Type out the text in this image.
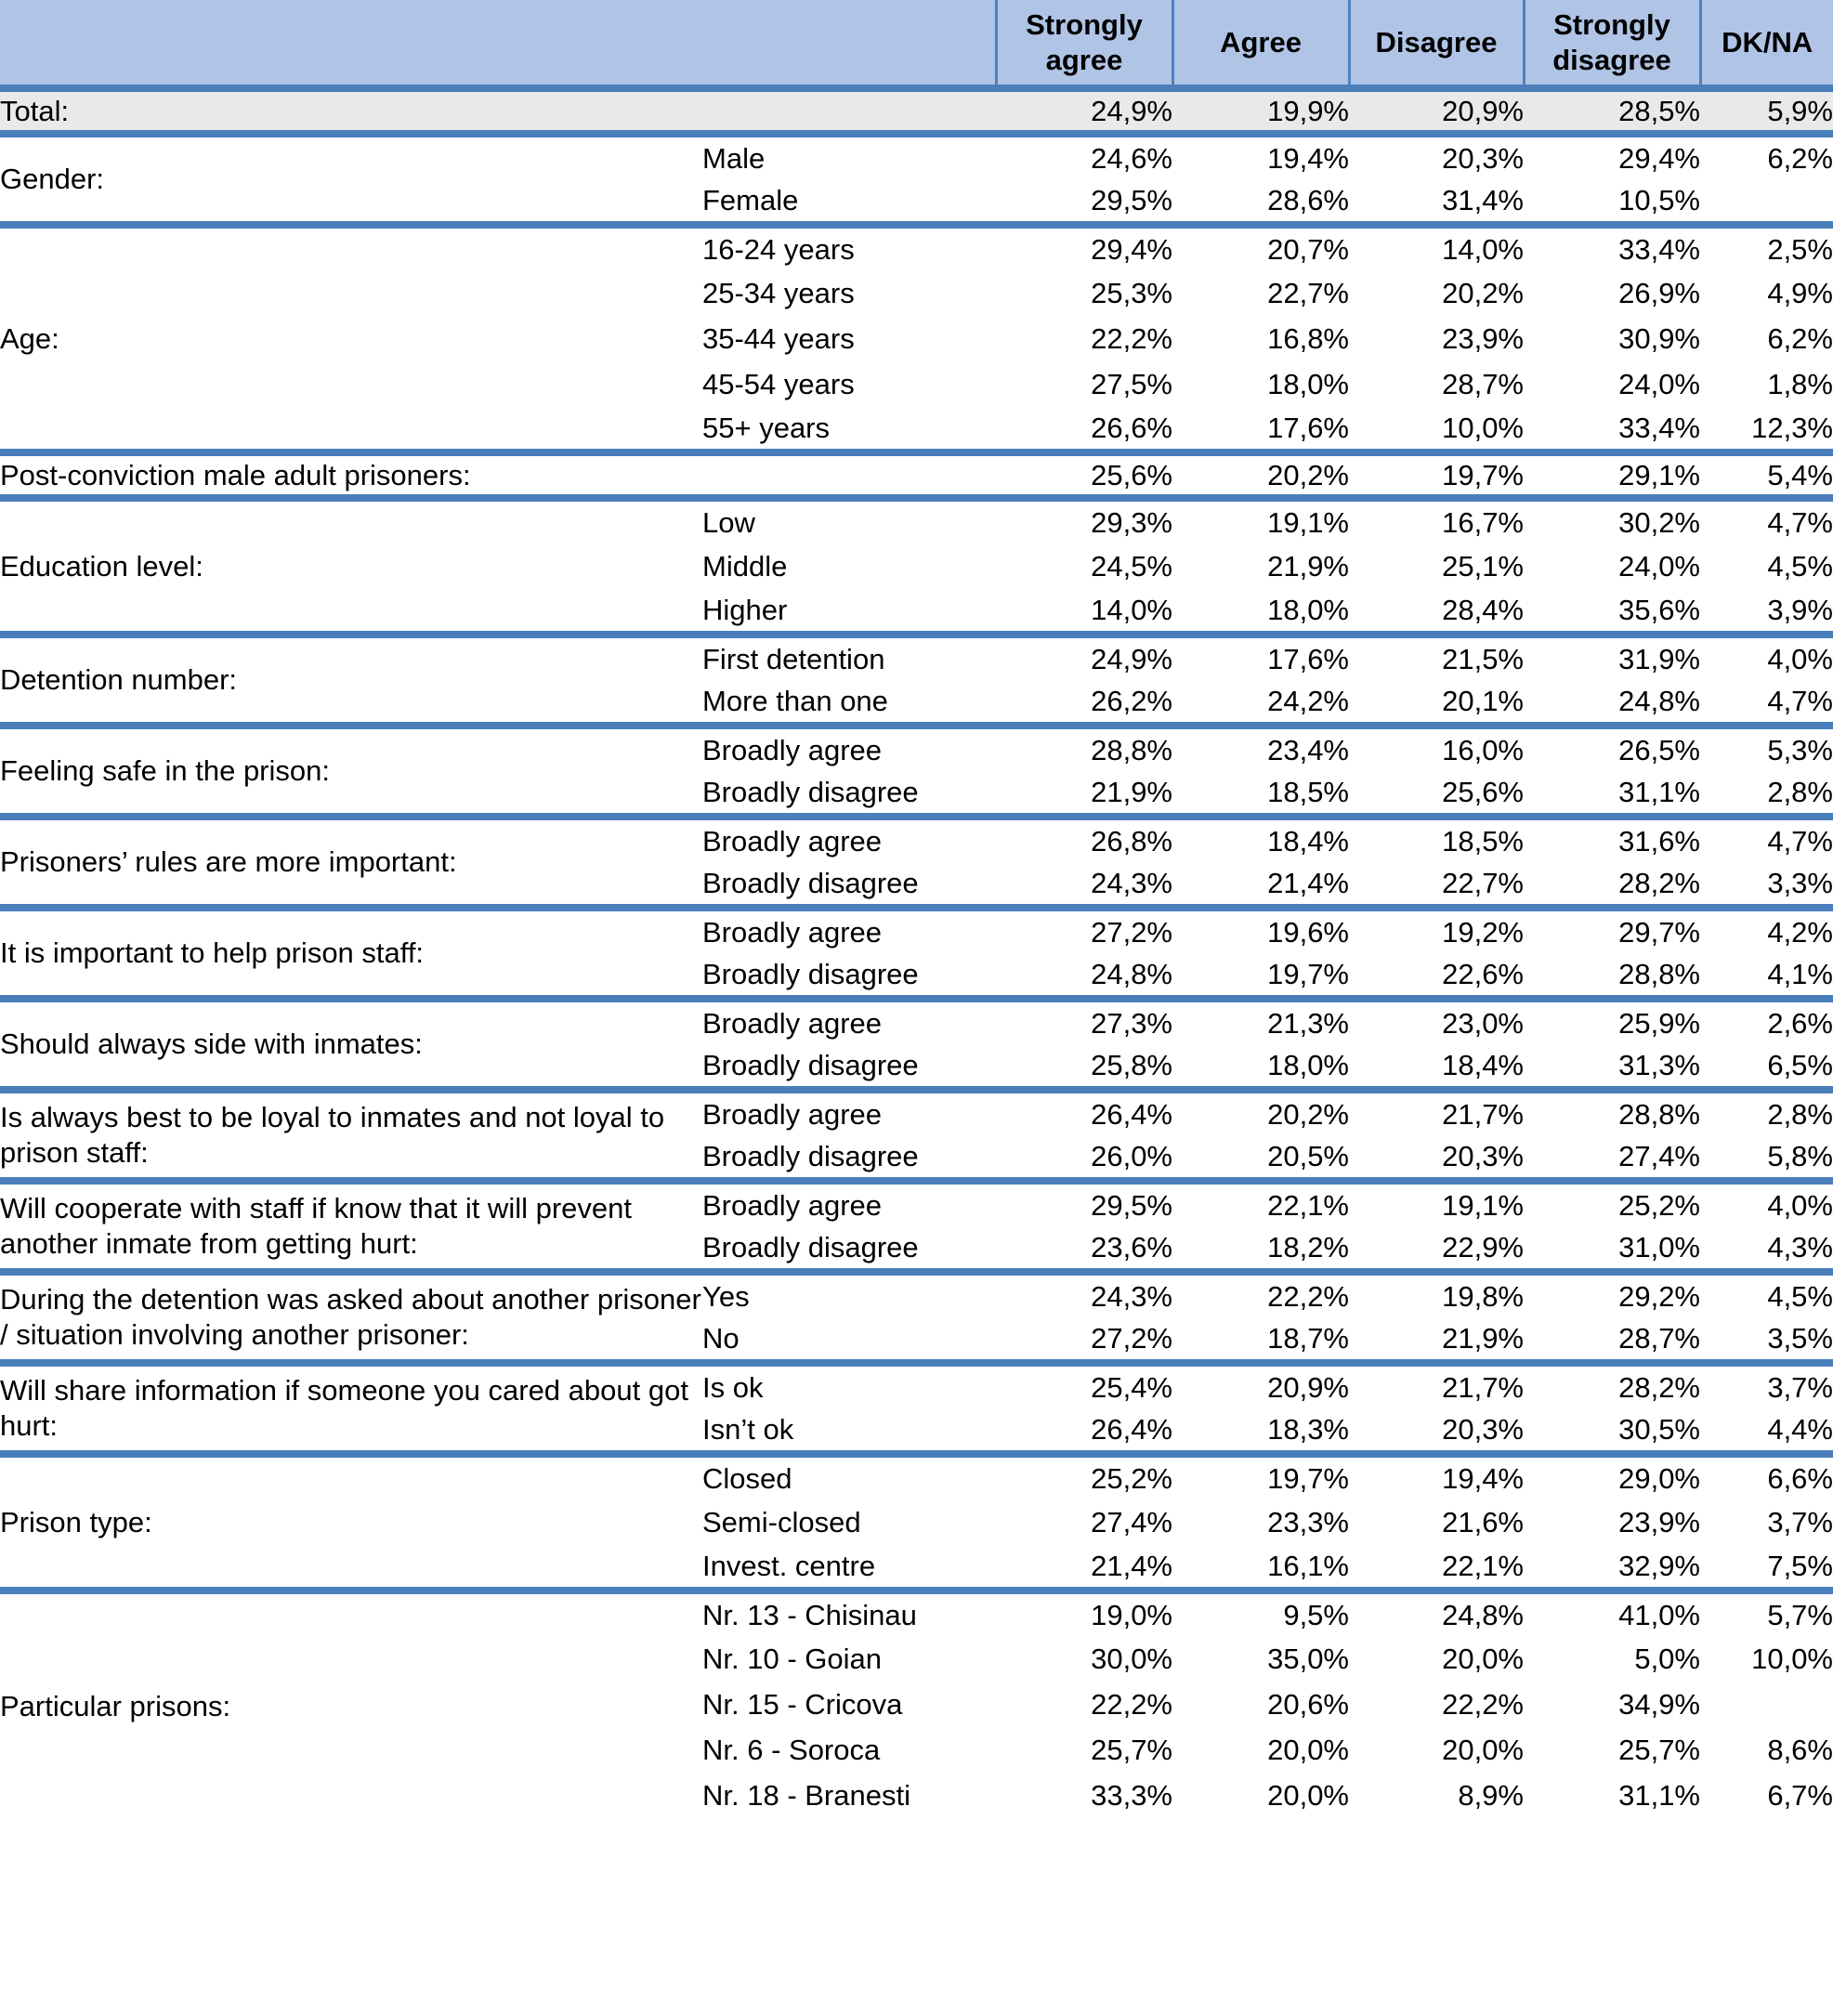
		Strongly agree	Agree	Disagree	Strongly disagree	DK/NA
Total:		24,9%	19,9%	20,9%	28,5%	5,9%
Gender:	Male	24,6%	19,4%	20,3%	29,4%	6,2%
	Female	29,5%	28,6%	31,4%	10,5%	
Age:	16-24 years	29,4%	20,7%	14,0%	33,4%	2,5%
	25-34 years	25,3%	22,7%	20,2%	26,9%	4,9%
	35-44 years	22,2%	16,8%	23,9%	30,9%	6,2%
	45-54 years	27,5%	18,0%	28,7%	24,0%	1,8%
	55+ years	26,6%	17,6%	10,0%	33,4%	12,3%
Post-conviction male adult prisoners:		25,6%	20,2%	19,7%	29,1%	5,4%
Education level:	Low	29,3%	19,1%	16,7%	30,2%	4,7%
	Middle	24,5%	21,9%	25,1%	24,0%	4,5%
	Higher	14,0%	18,0%	28,4%	35,6%	3,9%
Detention number:	First detention	24,9%	17,6%	21,5%	31,9%	4,0%
	More than one	26,2%	24,2%	20,1%	24,8%	4,7%
Feeling safe in the prison:	Broadly agree	28,8%	23,4%	16,0%	26,5%	5,3%
	Broadly disagree	21,9%	18,5%	25,6%	31,1%	2,8%
Prisoners’ rules are more important:	Broadly agree	26,8%	18,4%	18,5%	31,6%	4,7%
	Broadly disagree	24,3%	21,4%	22,7%	28,2%	3,3%
It is important to help prison staff:	Broadly agree	27,2%	19,6%	19,2%	29,7%	4,2%
	Broadly disagree	24,8%	19,7%	22,6%	28,8%	4,1%
Should always side with inmates:	Broadly agree	27,3%	21,3%	23,0%	25,9%	2,6%
	Broadly disagree	25,8%	18,0%	18,4%	31,3%	6,5%
Is always best to be loyal to inmates and not loyal to prison staff:	Broadly agree	26,4%	20,2%	21,7%	28,8%	2,8%
	Broadly disagree	26,0%	20,5%	20,3%	27,4%	5,8%
Will cooperate with staff if know that it will prevent another inmate from getting hurt:	Broadly agree	29,5%	22,1%	19,1%	25,2%	4,0%
	Broadly disagree	23,6%	18,2%	22,9%	31,0%	4,3%
During the detention was asked about another prisoner / situation involving another prisoner:	Yes	24,3%	22,2%	19,8%	29,2%	4,5%
	No	27,2%	18,7%	21,9%	28,7%	3,5%
Will share information if someone you cared about got hurt:	Is ok	25,4%	20,9%	21,7%	28,2%	3,7%
	Isn’t ok	26,4%	18,3%	20,3%	30,5%	4,4%
Prison type:	Closed	25,2%	19,7%	19,4%	29,0%	6,6%
	Semi-closed	27,4%	23,3%	21,6%	23,9%	3,7%
	Invest. centre	21,4%	16,1%	22,1%	32,9%	7,5%
Particular prisons:	Nr. 13 - Chisinau	19,0%	9,5%	24,8%	41,0%	5,7%
	Nr. 10 - Goian	30,0%	35,0%	20,0%	5,0%	10,0%
	Nr. 15 - Cricova	22,2%	20,6%	22,2%	34,9%	
	Nr. 6 - Soroca	25,7%	20,0%	20,0%	25,7%	8,6%
	Nr. 18 - Branesti	33,3%	20,0%	8,9%	31,1%	6,7%
